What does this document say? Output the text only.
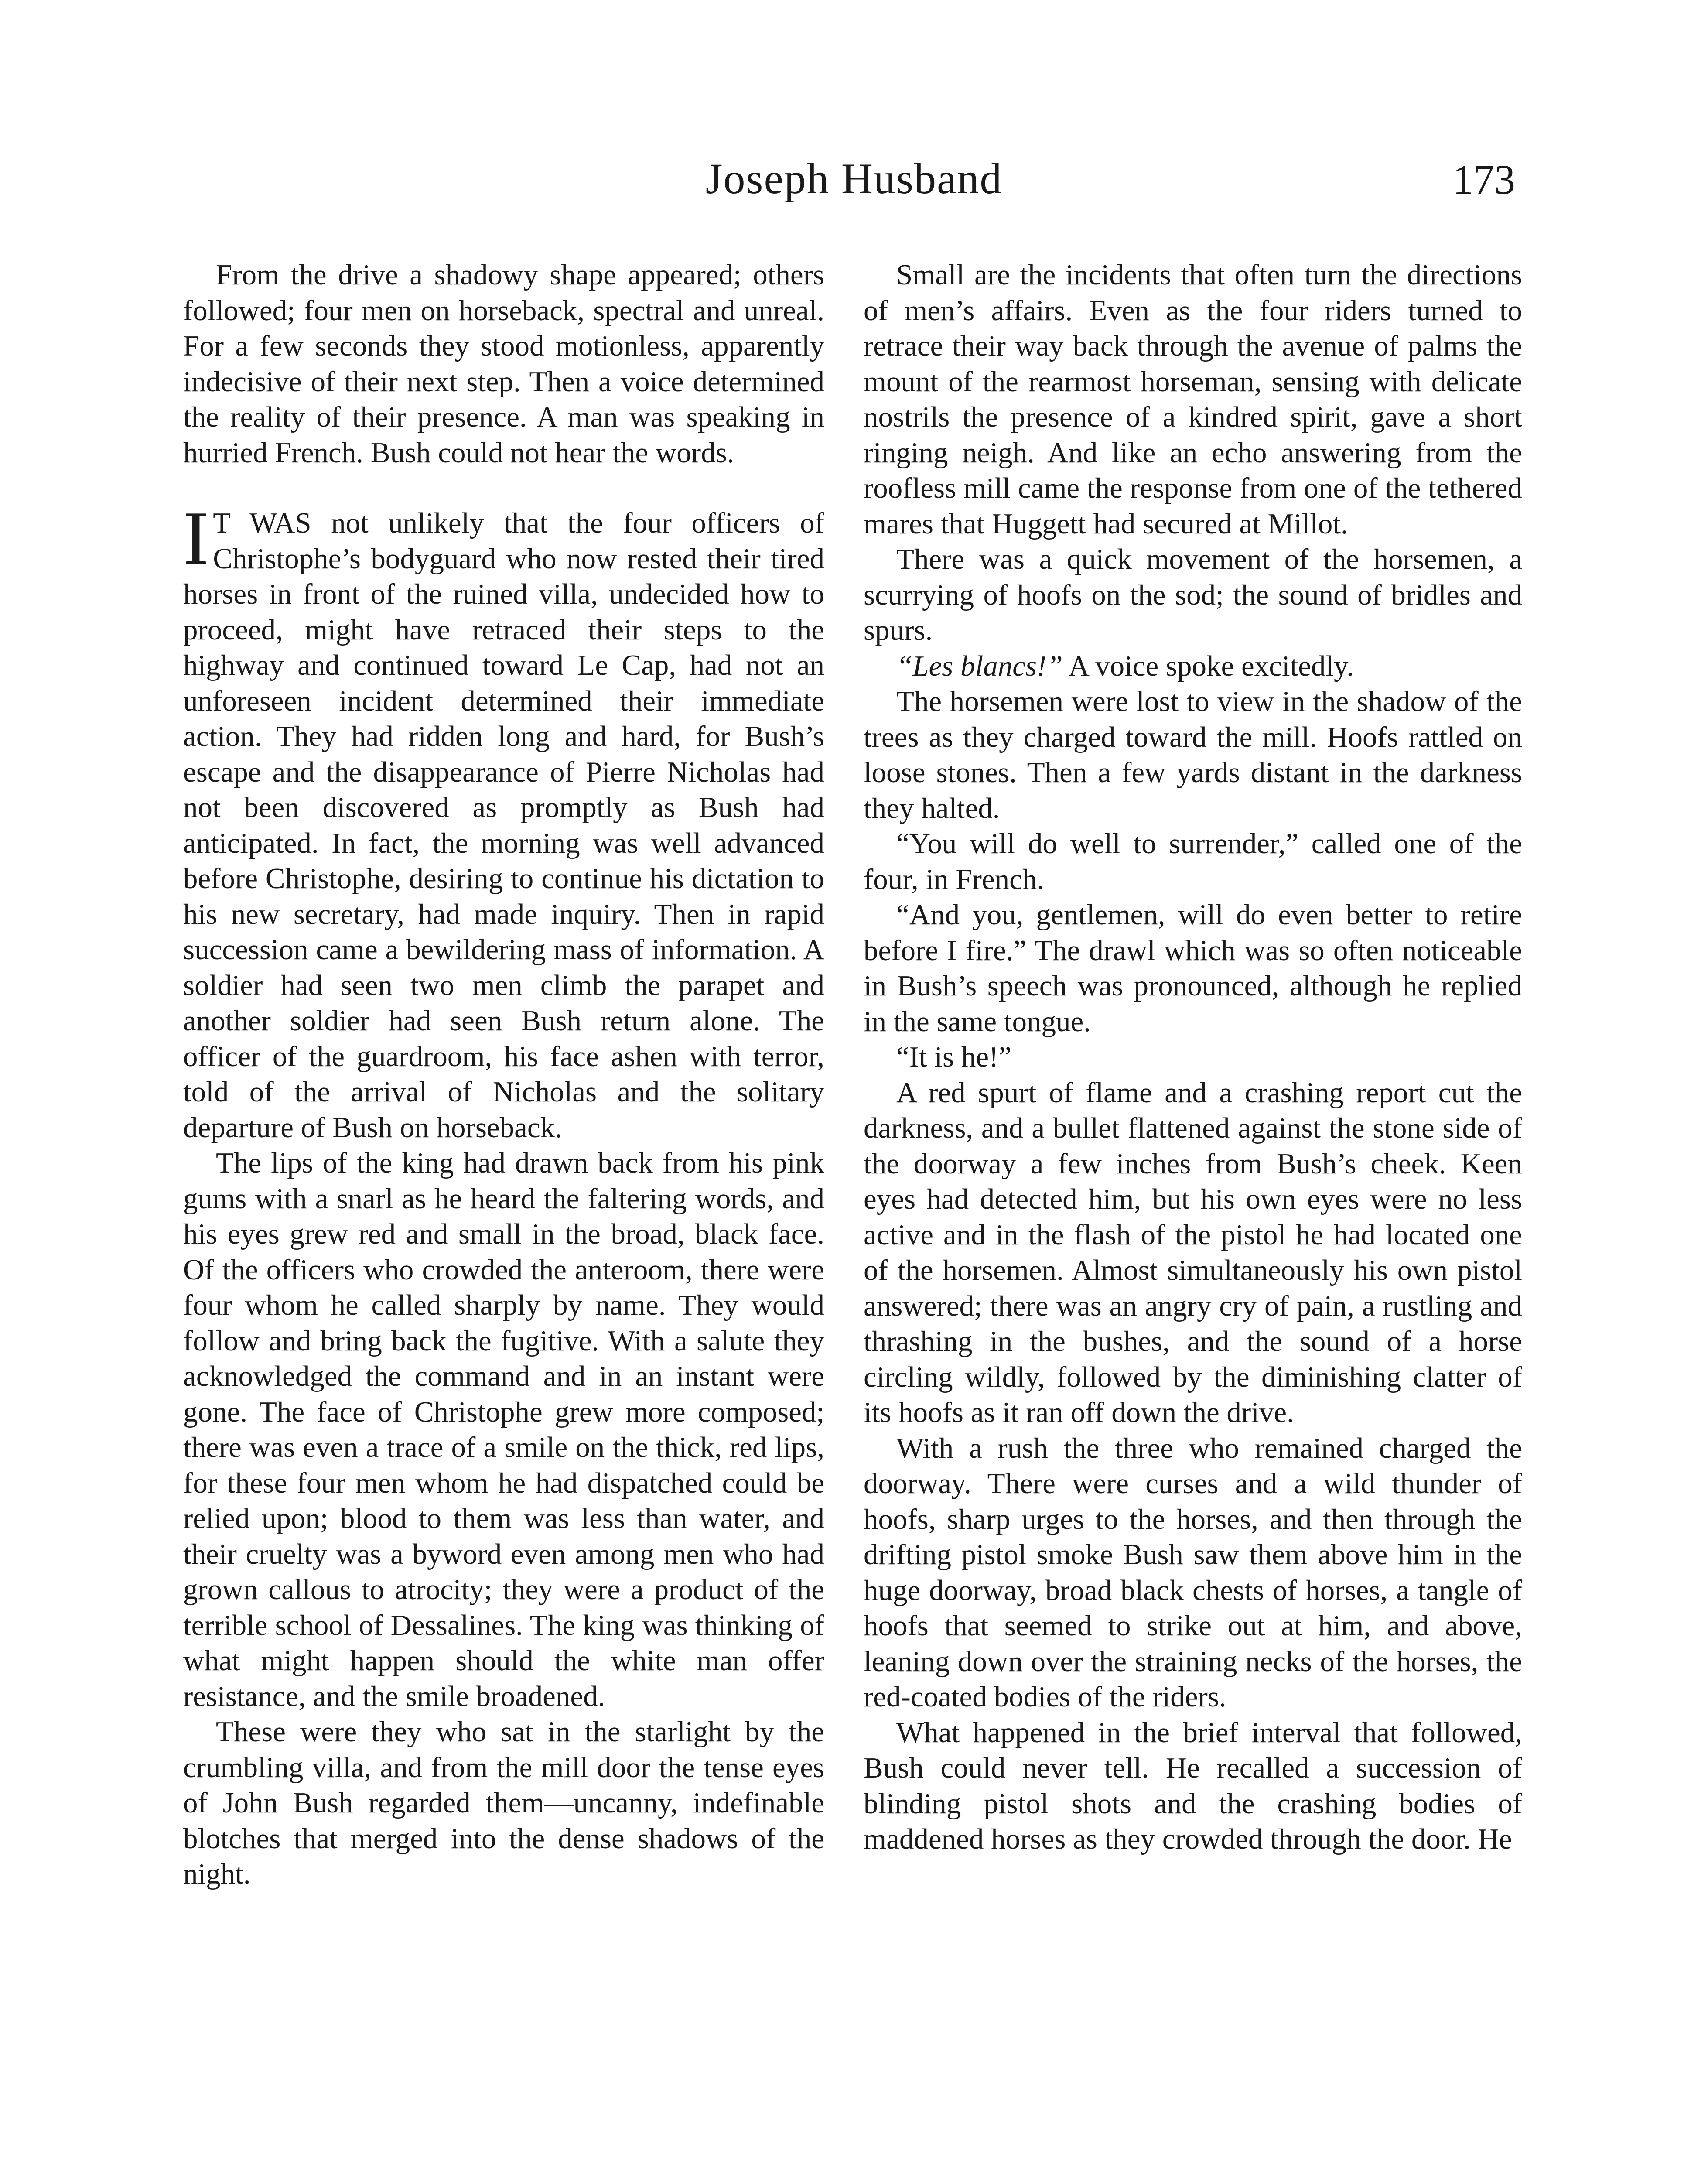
Joseph Husband	173

From the drive a shadowy shape appeared; others followed; four men on horseback, spectral and unreal. For a few seconds they stood motionless, apparently indecisive of their next step. Then a voice determined the reality of their presence. A man was speaking in hurried French. Bush could not hear the words.

I T WAS not unlikely that the four officers of Christophe’s bodyguard who now rested their tired horses in front of the ruined villa, undecided how to proceed, might have retraced their steps to the highway and continued toward Le Cap, had not an unforeseen incident determined their immediate action. They had ridden long and hard, for Bush’s escape and the disappearance of Pierre Nicholas had not been discovered as promptly as Bush had anticipated. In fact, the morning was well advanced before Christophe, desiring to continue his dictation to his new secretary, had made inquiry. Then in rapid succession came a bewildering mass of information. A soldier had seen two men climb the parapet and another soldier had seen Bush return alone. The officer of the guardroom, his face ashen with terror, told of the arrival of Nicholas and the solitary departure of Bush on horseback.

The lips of the king had drawn back from his pink gums with a snarl as he heard the faltering words, and his eyes grew red and small in the broad, black face. Of the officers who crowded the anteroom, there were four whom he called sharply by name. They would follow and bring back the fugitive. With a salute they acknowledged the command and in an instant were gone. The face of Christophe grew more composed; there was even a trace of a smile on the thick, red lips, for these four men whom he had dispatched could be relied upon; blood to them was less than water, and their cruelty was a byword even among men who had grown callous to atrocity; they were a product of the terrible school of Dessalines. The king was thinking of what might happen should the white man offer resistance, and the smile broadened.

These were they who sat in the starlight by the crumbling villa, and from the mill door the tense eyes of John Bush regarded them—uncanny, indefinable blotches that merged into the dense shadows of the night.

Small are the incidents that often turn the directions of men’s affairs. Even as the four riders turned to retrace their way back through the avenue of palms the mount of the rearmost horseman, sensing with delicate nostrils the presence of a kindred spirit, gave a short ringing neigh. And like an echo answering from the roofless mill came the response from one of the tethered mares that Huggett had secured at Millot.

There was a quick movement of the horsemen, a scurrying of hoofs on the sod; the sound of bridles and spurs.

“Les blancs!” A voice spoke excitedly.

The horsemen were lost to view in the shadow of the trees as they charged toward the mill. Hoofs rattled on loose stones. Then a few yards distant in the darkness they halted.

“You will do well to surrender,” called one of the four, in French.

“And you, gentlemen, will do even better to retire before I fire.” The drawl which was so often noticeable in Bush’s speech was pronounced, although he replied in the same tongue.

“It is he!”

A red spurt of flame and a crashing report cut the darkness, and a bullet flattened against the stone side of the doorway a few inches from Bush’s cheek. Keen eyes had detected him, but his own eyes were no less active and in the flash of the pistol he had located one of the horsemen. Almost simultaneously his own pistol answered; there was an angry cry of pain, a rustling and thrashing in the bushes, and the sound of a horse circling wildly, followed by the diminishing clatter of its hoofs as it ran off down the drive.

With a rush the three who remained charged the doorway. There were curses and a wild thunder of hoofs, sharp urges to the horses, and then through the drifting pistol smoke Bush saw them above him in the huge doorway, broad black chests of horses, a tangle of hoofs that seemed to strike out at him, and above, leaning down over the straining necks of the horses, the red-coated bodies of the riders.

What happened in the brief interval that followed, Bush could never tell. He recalled a succession of blinding pistol shots and the crashing bodies of maddened horses as they crowded through the door. He
